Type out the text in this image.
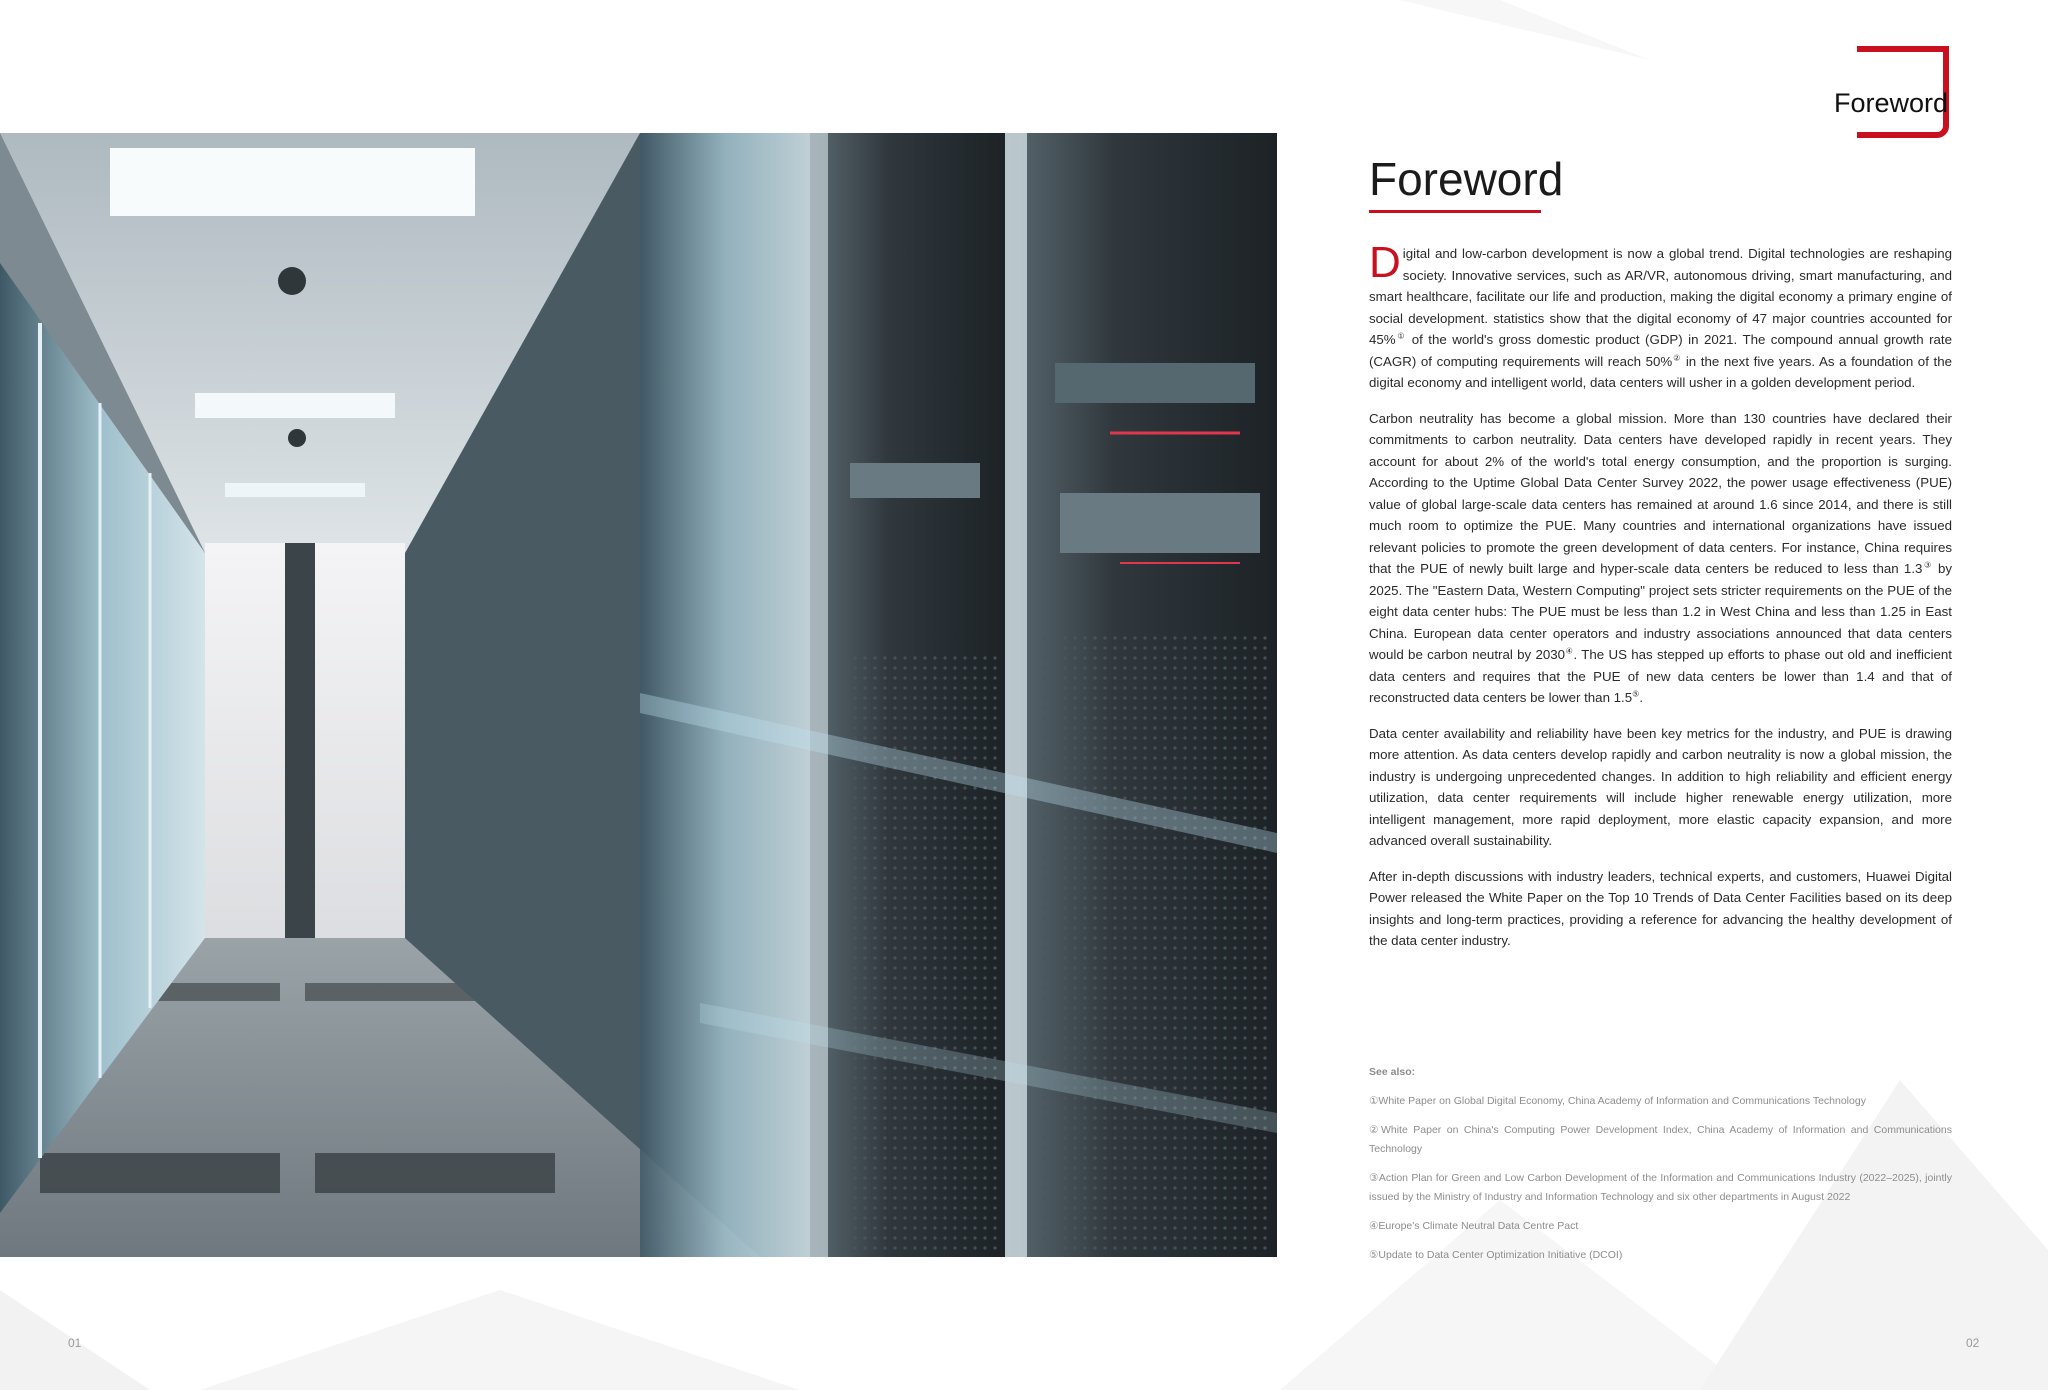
Foreword
Foreword

Digital and low-carbon development is now a global trend. Digital technologies are reshaping society. Innovative services, such as AR/VR, autonomous driving, smart manufacturing, and smart healthcare, facilitate our life and production, making the digital economy a primary engine of social development. statistics show that the digital economy of 47 major countries accounted for 45%① of the world's gross domestic product (GDP) in 2021. The compound annual growth rate (CAGR) of computing requirements will reach 50%② in the next five years. As a foundation of the digital economy and intelligent world, data centers will usher in a golden development period.

Carbon neutrality has become a global mission. More than 130 countries have declared their commitments to carbon neutrality. Data centers have developed rapidly in recent years. They account for about 2% of the world's total energy consumption, and the proportion is surging. According to the Uptime Global Data Center Survey 2022, the power usage effectiveness (PUE) value of global large-scale data centers has remained at around 1.6 since 2014, and there is still much room to optimize the PUE. Many countries and international organizations have issued relevant policies to promote the green development of data centers. For instance, China requires that the PUE of newly built large and hyper-scale data centers be reduced to less than 1.3③ by 2025. The "Eastern Data, Western Computing" project sets stricter requirements on the PUE of the eight data center hubs: The PUE must be less than 1.2 in West China and less than 1.25 in East China. European data center operators and industry associations announced that data centers would be carbon neutral by 2030④. The US has stepped up efforts to phase out old and inefficient data centers and requires that the PUE of new data centers be lower than 1.4 and that of reconstructed data centers be lower than 1.5⑤.

Data center availability and reliability have been key metrics for the industry, and PUE is drawing more attention. As data centers develop rapidly and carbon neutrality is now a global mission, the industry is undergoing unprecedented changes. In addition to high reliability and efficient energy utilization, data center requirements will include higher renewable energy utilization, more intelligent management, more rapid deployment, more elastic capacity expansion, and more advanced overall sustainability.

After in-depth discussions with industry leaders, technical experts, and customers, Huawei Digital Power released the White Paper on the Top 10 Trends of Data Center Facilities based on its deep insights and long-term practices, providing a reference for advancing the healthy development of the data center industry.

See also:

①White Paper on Global Digital Economy, China Academy of Information and Communications Technology

②White Paper on China's Computing Power Development Index, China Academy of Information and Communications Technology

③Action Plan for Green and Low Carbon Development of the Information and Communications Industry (2022–2025), jointly issued by the Ministry of Industry and Information Technology and six other departments in August 2022

④Europe's Climate Neutral Data Centre Pact

⑤Update to Data Center Optimization Initiative (DCOI)

01	02
